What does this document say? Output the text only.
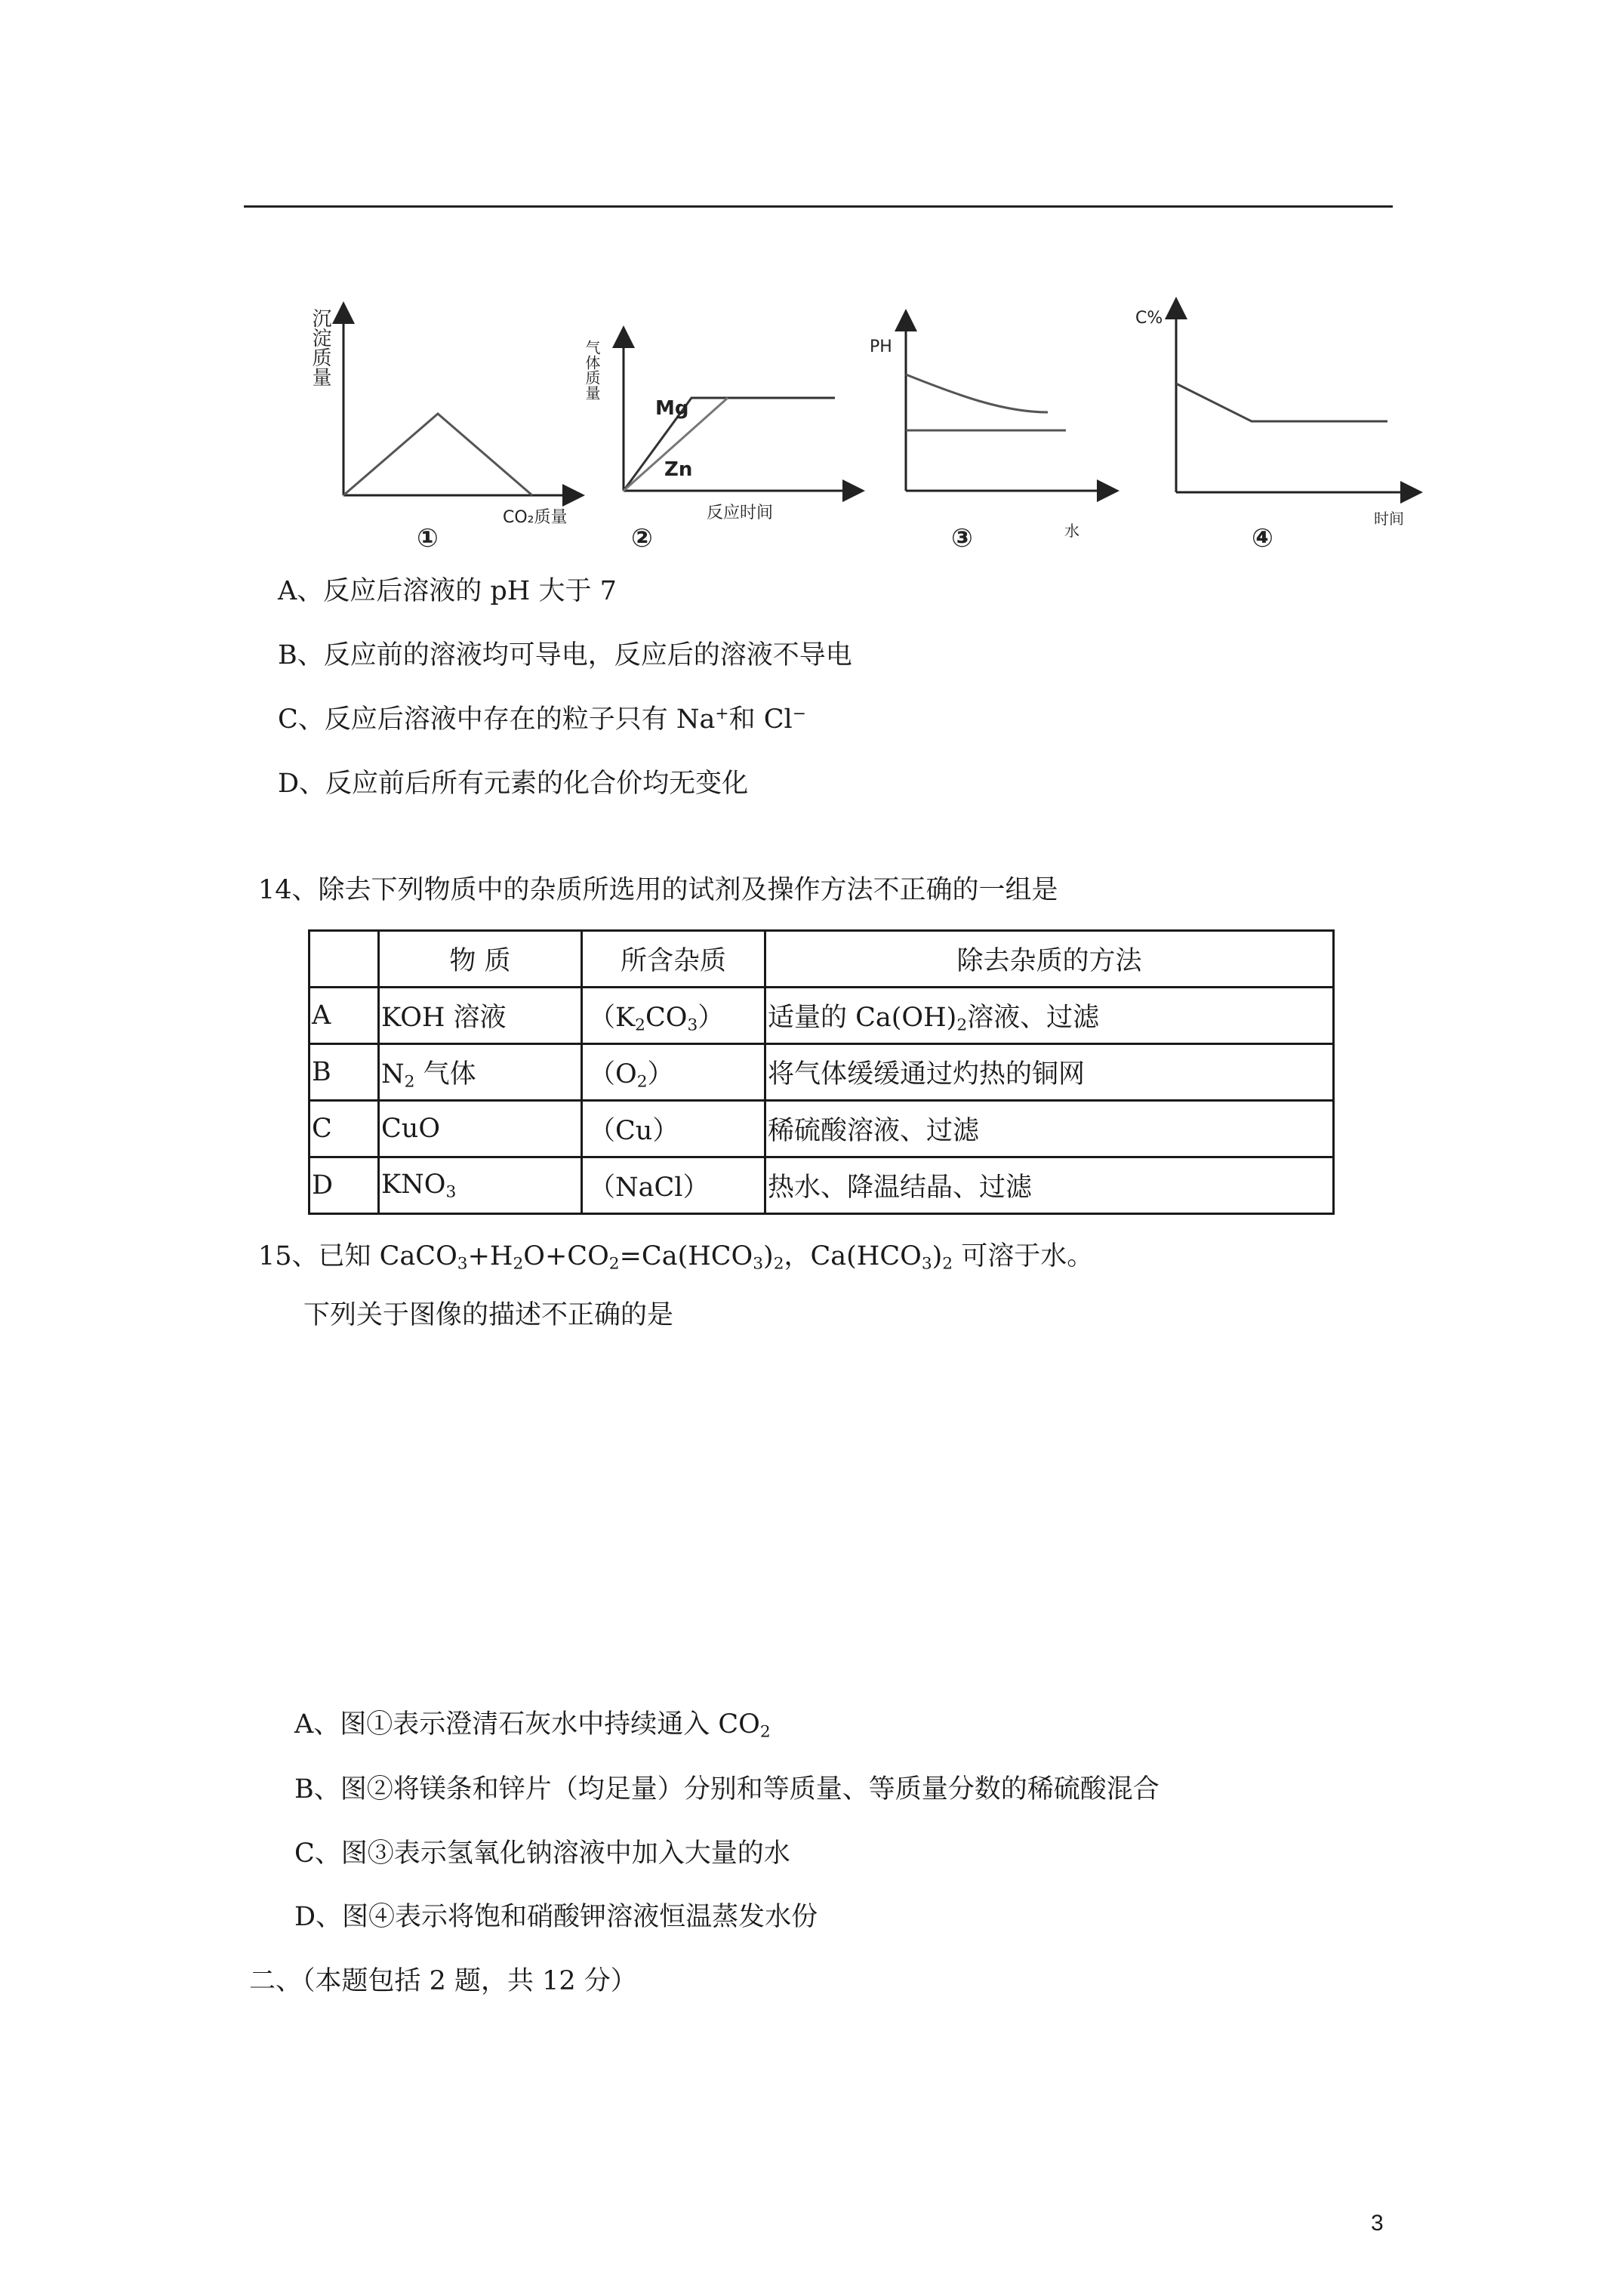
沉淀质量
CO₂质量
①
气体质量
Mg
Zn
反应时间
②
PH
水
③
C%
时间
④
A、反应后溶液的 pH 大于 7
B、反应前的溶液均可导电，反应后的溶液不导电
C、反应后溶液中存在的粒子只有 Na+和 Cl−
D、反应前后所有元素的化合价均无变化
14、除去下列物质中的杂质所选用的试剂及操作方法不正确的一组是
	物 质	所含杂质	除去杂质的方法
A	KOH 溶液	$(K_2CO_3)$	适量的 $Ca(OH)_2$溶液、过滤
B	$N_2$ 气体	$(O_2)$	将气体缓缓通过灼热的铜网
C	CuO	（Cu）	稀硫酸溶液、过滤
D	$KNO_3$	（NaCl）	热水、降温结晶、过滤
15、已知 $CaCO_3+H_2O+CO_2=Ca(HCO_3)_2$，$Ca(HCO_3)_2$ 可溶于水。
下列关于图像的描述不正确的是
A、图①表示澄清石灰水中持续通入 $CO_2$
B、图②将镁条和锌片（均足量）分别和等质量、等质量分数的稀硫酸混合
C、图③表示氢氧化钠溶液中加入大量的水
D、图④表示将饱和硝酸钾溶液恒温蒸发水份
二、（本题包括 2 题，共 12 分）
3
